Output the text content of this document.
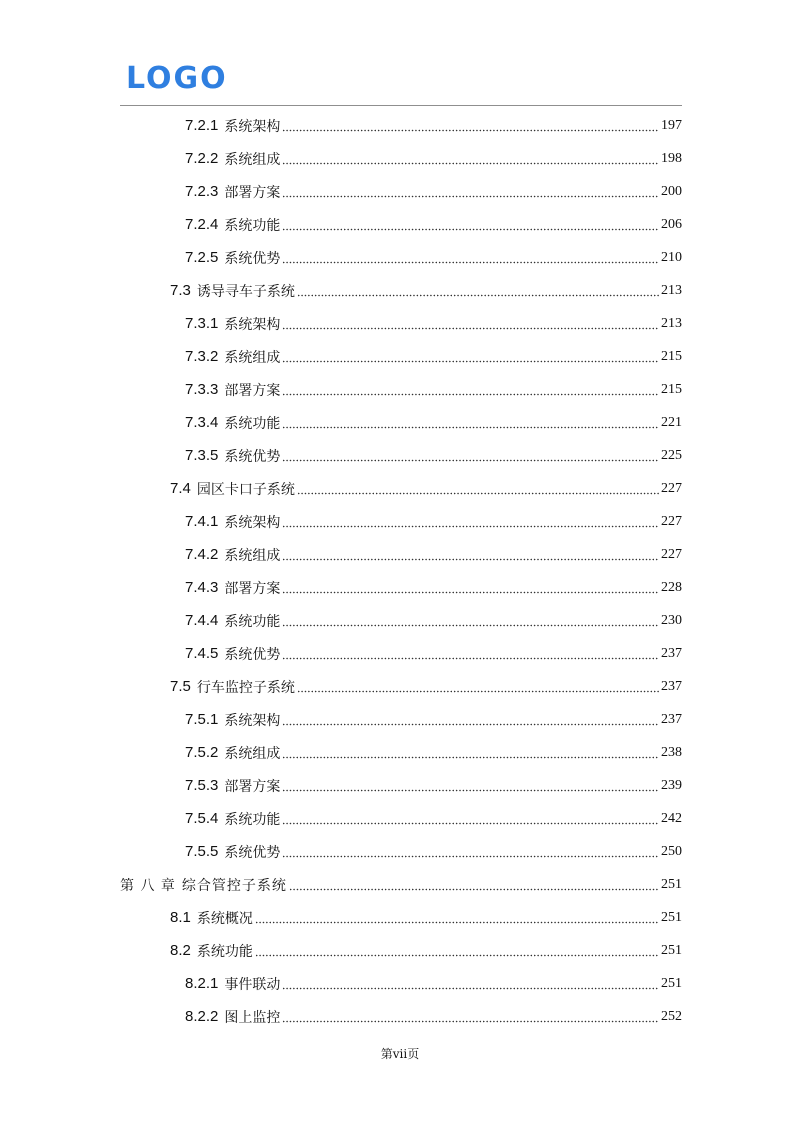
LOGO
7.2.1 系统架构	197
7.2.2 系统组成	198
7.2.3 部署方案	200
7.2.4 系统功能	206
7.2.5 系统优势	210
7.3 诱导寻车子系统	213
7.3.1 系统架构	213
7.3.2 系统组成	215
7.3.3 部署方案	215
7.3.4 系统功能	221
7.3.5 系统优势	225
7.4 园区卡口子系统	227
7.4.1 系统架构	227
7.4.2 系统组成	227
7.4.3 部署方案	228
7.4.4 系统功能	230
7.4.5 系统优势	237
7.5 行车监控子系统	237
7.5.1 系统架构	237
7.5.2 系统组成	238
7.5.3 部署方案	239
7.5.4 系统功能	242
7.5.5 系统优势	250
第 八 章 综合管控子系统	251
8.1 系统概况	251
8.2 系统功能	251
8.2.1 事件联动	251
8.2.2 图上监控	252
第vii页
